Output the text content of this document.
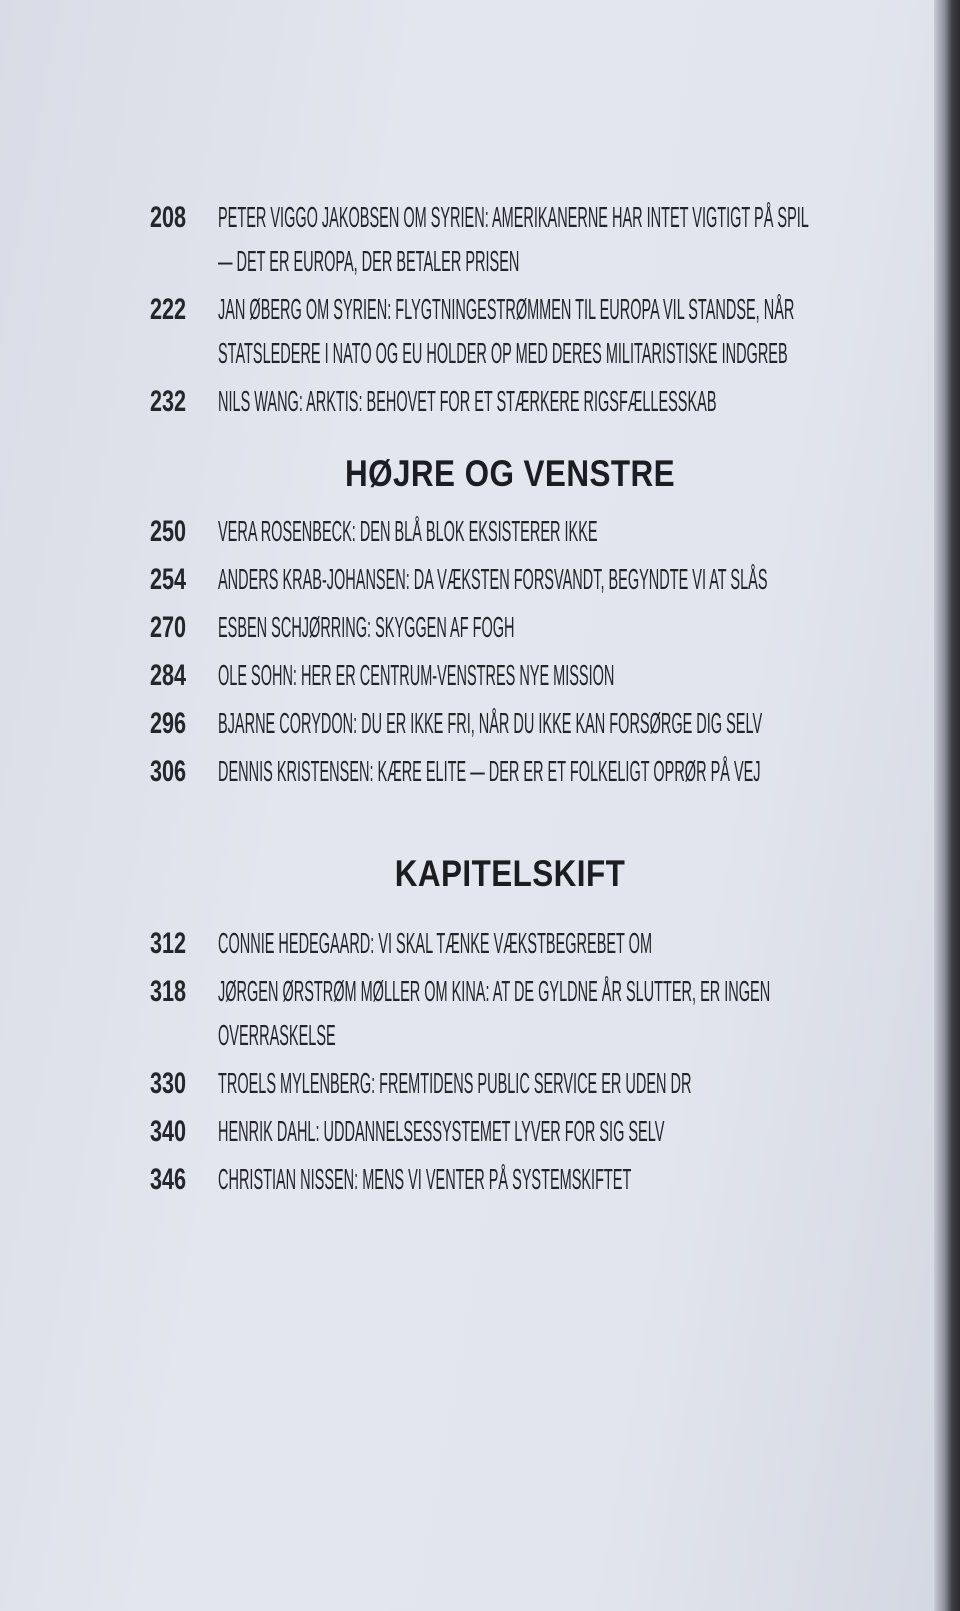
208 PETER VIGGO JAKOBSEN OM SYRIEN: AMERIKANERNE HAR INTET VIGTIGT PÅ SPIL
— DET ER EUROPA, DER BETALER PRISEN
222 JAN ØBERG OM SYRIEN: FLYGTNINGESTRØMMEN TIL EUROPA VIL STANDSE, NÅR
STATSLEDERE I NATO OG EU HOLDER OP MED DERES MILITARISTISKE INDGREB
232 NILS WANG: ARKTIS: BEHOVET FOR ET STÆRKERE RIGSFÆLLESSKAB
HØJRE OG VENSTRE
250 VERA ROSENBECK: DEN BLÅ BLOK EKSISTERER IKKE
254 ANDERS KRAB-JOHANSEN: DA VÆKSTEN FORSVANDT, BEGYNDTE VI AT SLÅS
270 ESBEN SCHJØRRING: SKYGGEN AF FOGH
284 OLE SOHN: HER ER CENTRUM-VENSTRES NYE MISSION
296 BJARNE CORYDON: DU ER IKKE FRI, NÅR DU IKKE KAN FORSØRGE DIG SELV
306 DENNIS KRISTENSEN: KÆRE ELITE — DER ER ET FOLKELIGT OPRØR PÅ VEJ
KAPITELSKIFT
312 CONNIE HEDEGAARD: VI SKAL TÆNKE VÆKSTBEGREBET OM
318 JØRGEN ØRSTRØM MØLLER OM KINA: AT DE GYLDNE ÅR SLUTTER, ER INGEN
OVERRASKELSE
330 TROELS MYLENBERG: FREMTIDENS PUBLIC SERVICE ER UDEN DR
340 HENRIK DAHL: UDDANNELSESSYSTEMET LYVER FOR SIG SELV
346 CHRISTIAN NISSEN: MENS VI VENTER PÅ SYSTEMSKIFTET
